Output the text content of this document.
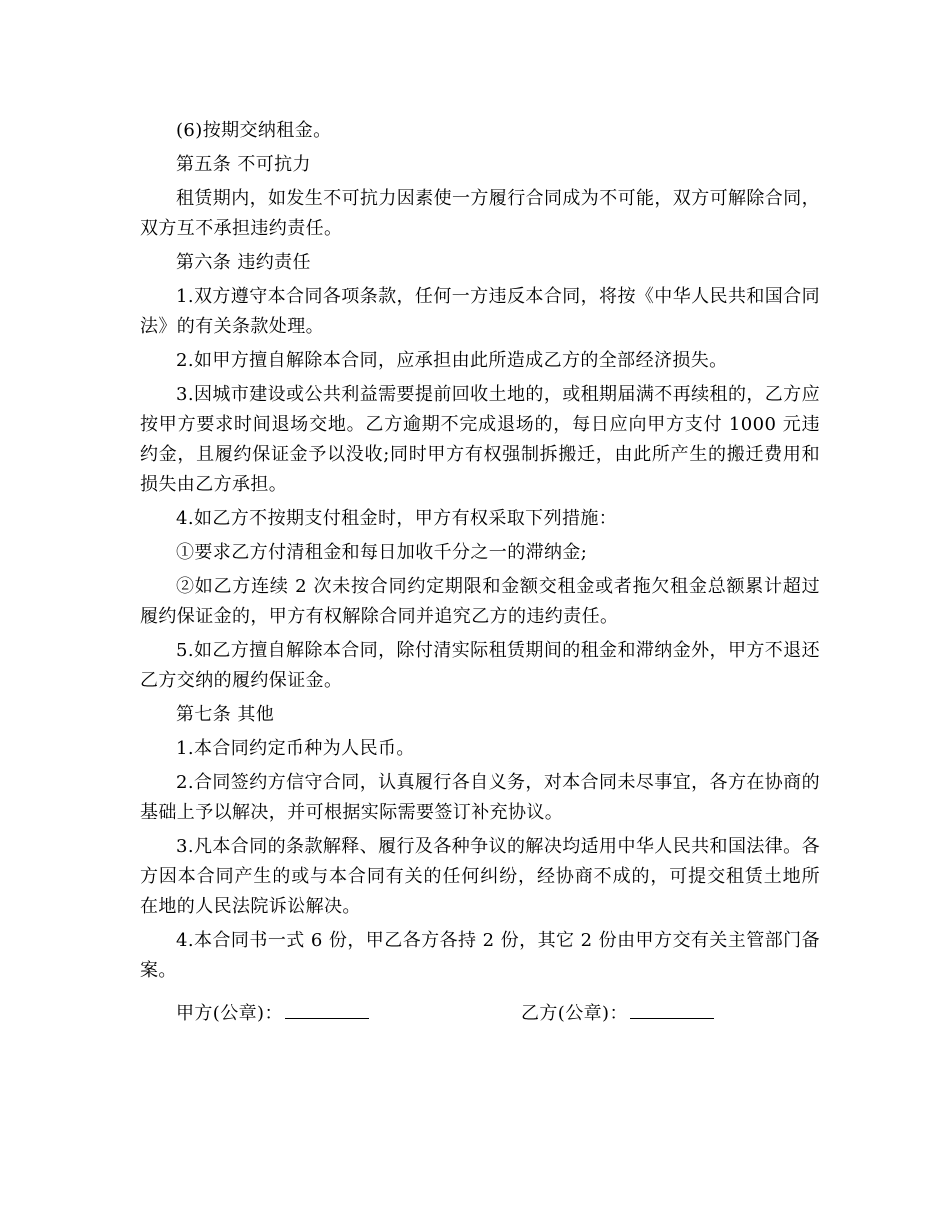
(6)按期交纳租金。

第五条 不可抗力

租赁期内，如发生不可抗力因素使一方履行合同成为不可能，双方可解除合同，双方互不承担违约责任。

第六条 违约责任

1.双方遵守本合同各项条款，任何一方违反本合同，将按《中华人民共和国合同法》的有关条款处理。

2.如甲方擅自解除本合同，应承担由此所造成乙方的全部经济损失。

3.因城市建设或公共利益需要提前回收土地的，或租期届满不再续租的，乙方应按甲方要求时间退场交地。乙方逾期不完成退场的，每日应向甲方支付 1000 元违约金，且履约保证金予以没收;同时甲方有权强制拆搬迁，由此所产生的搬迁费用和损失由乙方承担。

4.如乙方不按期支付租金时，甲方有权采取下列措施：

①要求乙方付清租金和每日加收千分之一的滞纳金;

②如乙方连续 2 次未按合同约定期限和金额交租金或者拖欠租金总额累计超过履约保证金的，甲方有权解除合同并追究乙方的违约责任。

5.如乙方擅自解除本合同，除付清实际租赁期间的租金和滞纳金外，甲方不退还乙方交纳的履约保证金。

第七条 其他

1.本合同约定币种为人民币。

2.合同签约方信守合同，认真履行各自义务，对本合同未尽事宜，各方在协商的基础上予以解决，并可根据实际需要签订补充协议。

3.凡本合同的条款解释、履行及各种争议的解决均适用中华人民共和国法律。各方因本合同产生的或与本合同有关的任何纠纷，经协商不成的，可提交租赁土地所在地的人民法院诉讼解决。

4.本合同书一式 6 份，甲乙各方各持 2 份，其它 2 份由甲方交有关主管部门备案。

甲方(公章)：	乙方(公章)：
